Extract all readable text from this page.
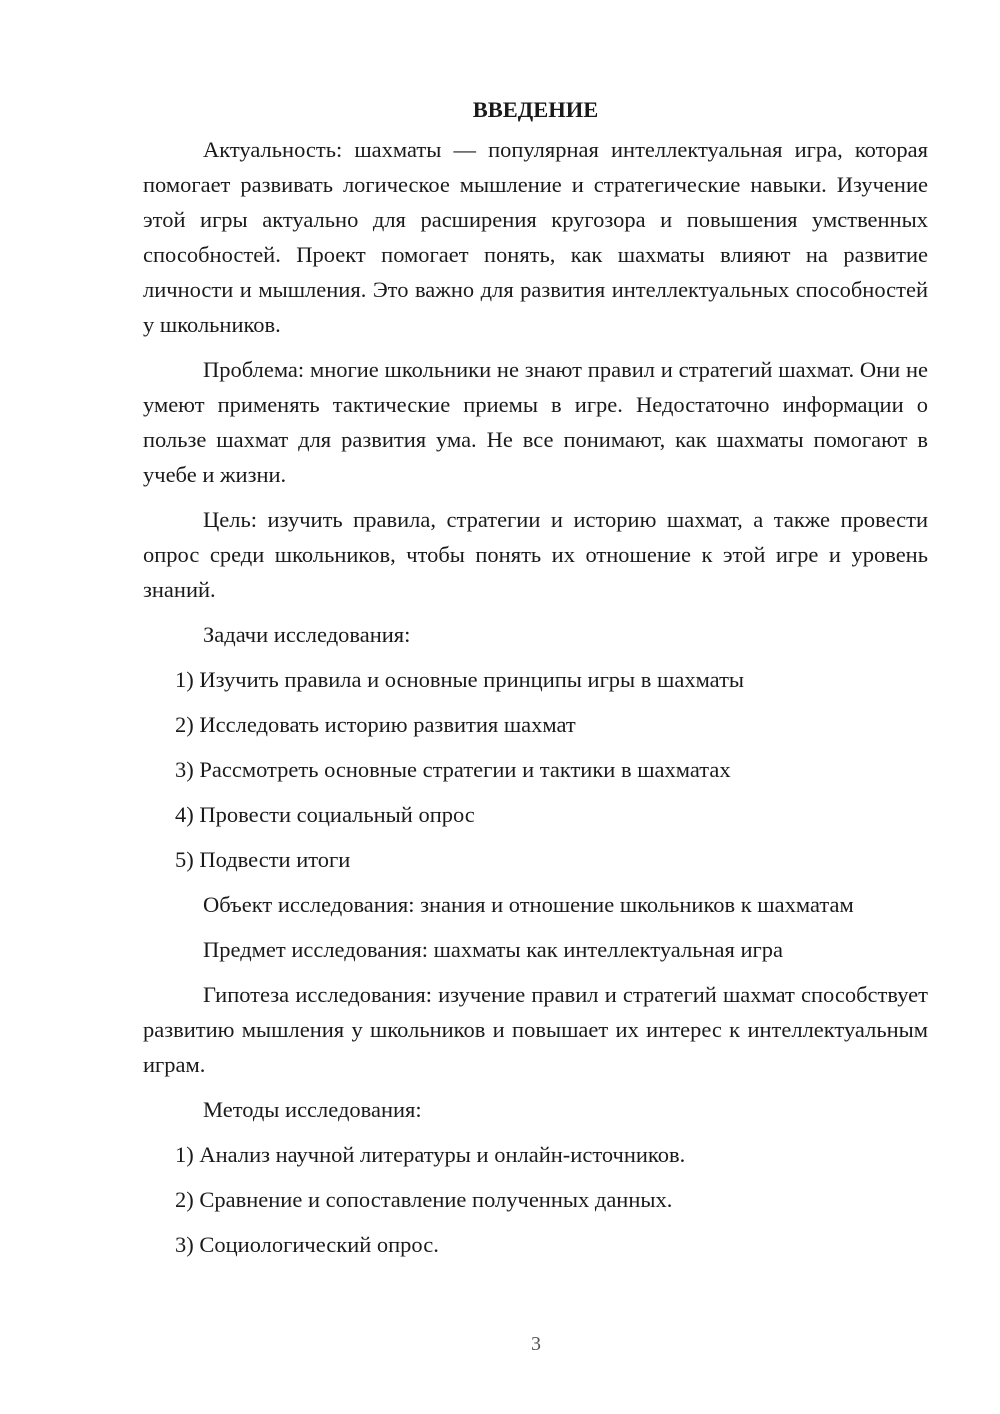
ВВЕДЕНИЕ

Актуальность: шахматы — популярная интеллектуальная игра, которая помогает развивать логическое мышление и стратегические навыки. Изучение этой игры актуально для расширения кругозора и повышения умственных способностей. Проект помогает понять, как шахматы влияют на развитие личности и мышления. Это важно для развития интеллектуальных способностей у школьников.

Проблема: многие школьники не знают правил и стратегий шахмат. Они не умеют применять тактические приемы в игре. Недостаточно информации о пользе шахмат для развития ума. Не все понимают, как шахматы помогают в учебе и жизни.

Цель: изучить правила, стратегии и историю шахмат, а также провести опрос среди школьников, чтобы понять их отношение к этой игре и уровень знаний.

Задачи исследования:

1) Изучить правила и основные принципы игры в шахматы

2) Исследовать историю развития шахмат

3) Рассмотреть основные стратегии и тактики в шахматах

4) Провести социальный опрос

5) Подвести итоги

Объект исследования: знания и отношение школьников к шахматам

Предмет исследования: шахматы как интеллектуальная игра

Гипотеза исследования: изучение правил и стратегий шахмат способствует развитию мышления у школьников и повышает их интерес к интеллектуальным играм.

Методы исследования:

1) Анализ научной литературы и онлайн-источников.

2) Сравнение и сопоставление полученных данных.

3) Социологический опрос.

3
